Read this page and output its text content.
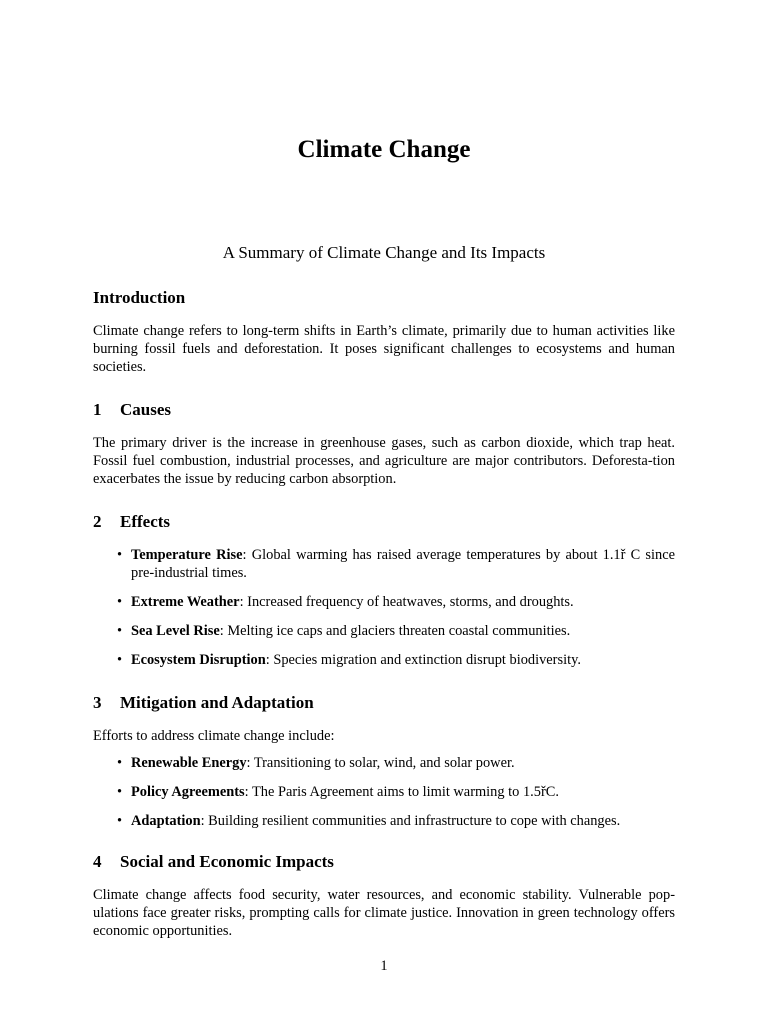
Climate Change
A Summary of Climate Change and Its Impacts
Introduction

Climate change refers to long-term shifts in Earth’s climate, primarily due to human activities like burning fossil fuels and deforestation. It poses significant challenges to ecosystems and human societies.

1 Causes

The primary driver is the increase in greenhouse gases, such as carbon dioxide, which trap heat. Fossil fuel combustion, industrial processes, and agriculture are major contributors. Deforesta-tion exacerbates the issue by reducing carbon absorption.

2 Effects
• Temperature Rise: Global warming has raised average temperatures by about 1.1ř C since pre-industrial times.
• Extreme Weather: Increased frequency of heatwaves, storms, and droughts.
• Sea Level Rise: Melting ice caps and glaciers threaten coastal communities.
• Ecosystem Disruption: Species migration and extinction disrupt biodiversity.
3 Mitigation and Adaptation

Efforts to address climate change include:

• Renewable Energy: Transitioning to solar, wind, and solar power.
• Policy Agreements: The Paris Agreement aims to limit warming to 1.5řC.
• Adaptation: Building resilient communities and infrastructure to cope with changes.
4 Social and Economic Impacts

Climate change affects food security, water resources, and economic stability. Vulnerable pop-ulations face greater risks, prompting calls for climate justice. Innovation in green technology offers economic opportunities.

1
